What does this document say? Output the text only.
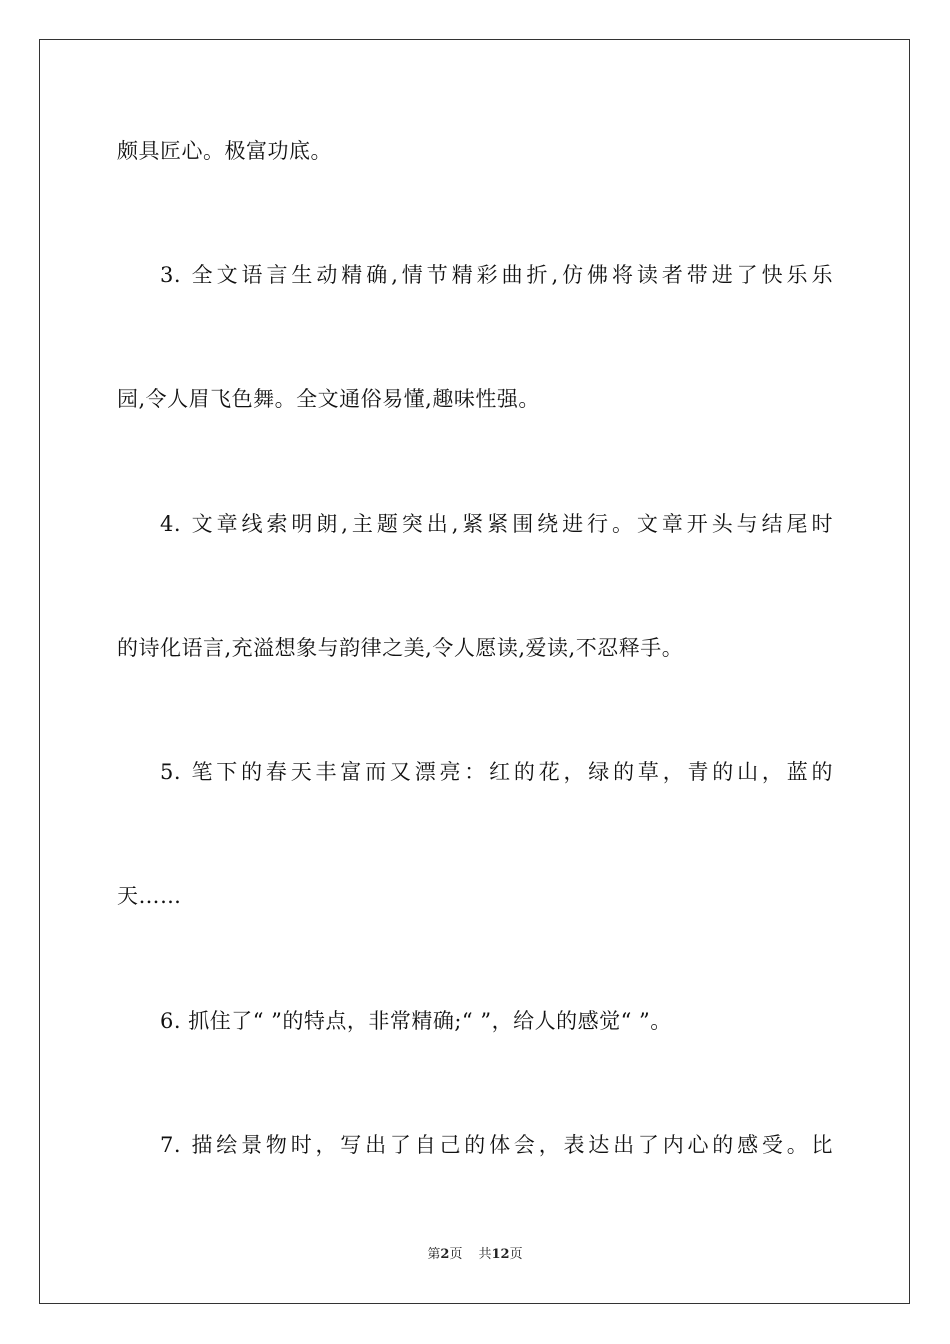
颇具匠心。极富功底。
3. 全文语言生动精确,情节精彩曲折,仿佛将读者带进了快乐乐
园,令人眉飞色舞。全文通俗易懂,趣味性强。
4. 文章线索明朗,主题突出,紧紧围绕进行。文章开头与结尾时
的诗化语言,充溢想象与韵律之美,令人愿读,爱读,不忍释手。
5. 笔下的春天丰富而又漂亮：红的花，绿的草，青的山，蓝的
天……
6. 抓住了“ ”的特点，非常精确;“ ”，给人的感觉“ ”。
7. 描绘景物时，写出了自己的体会，表达出了内心的感受。比
第2页 共12页
